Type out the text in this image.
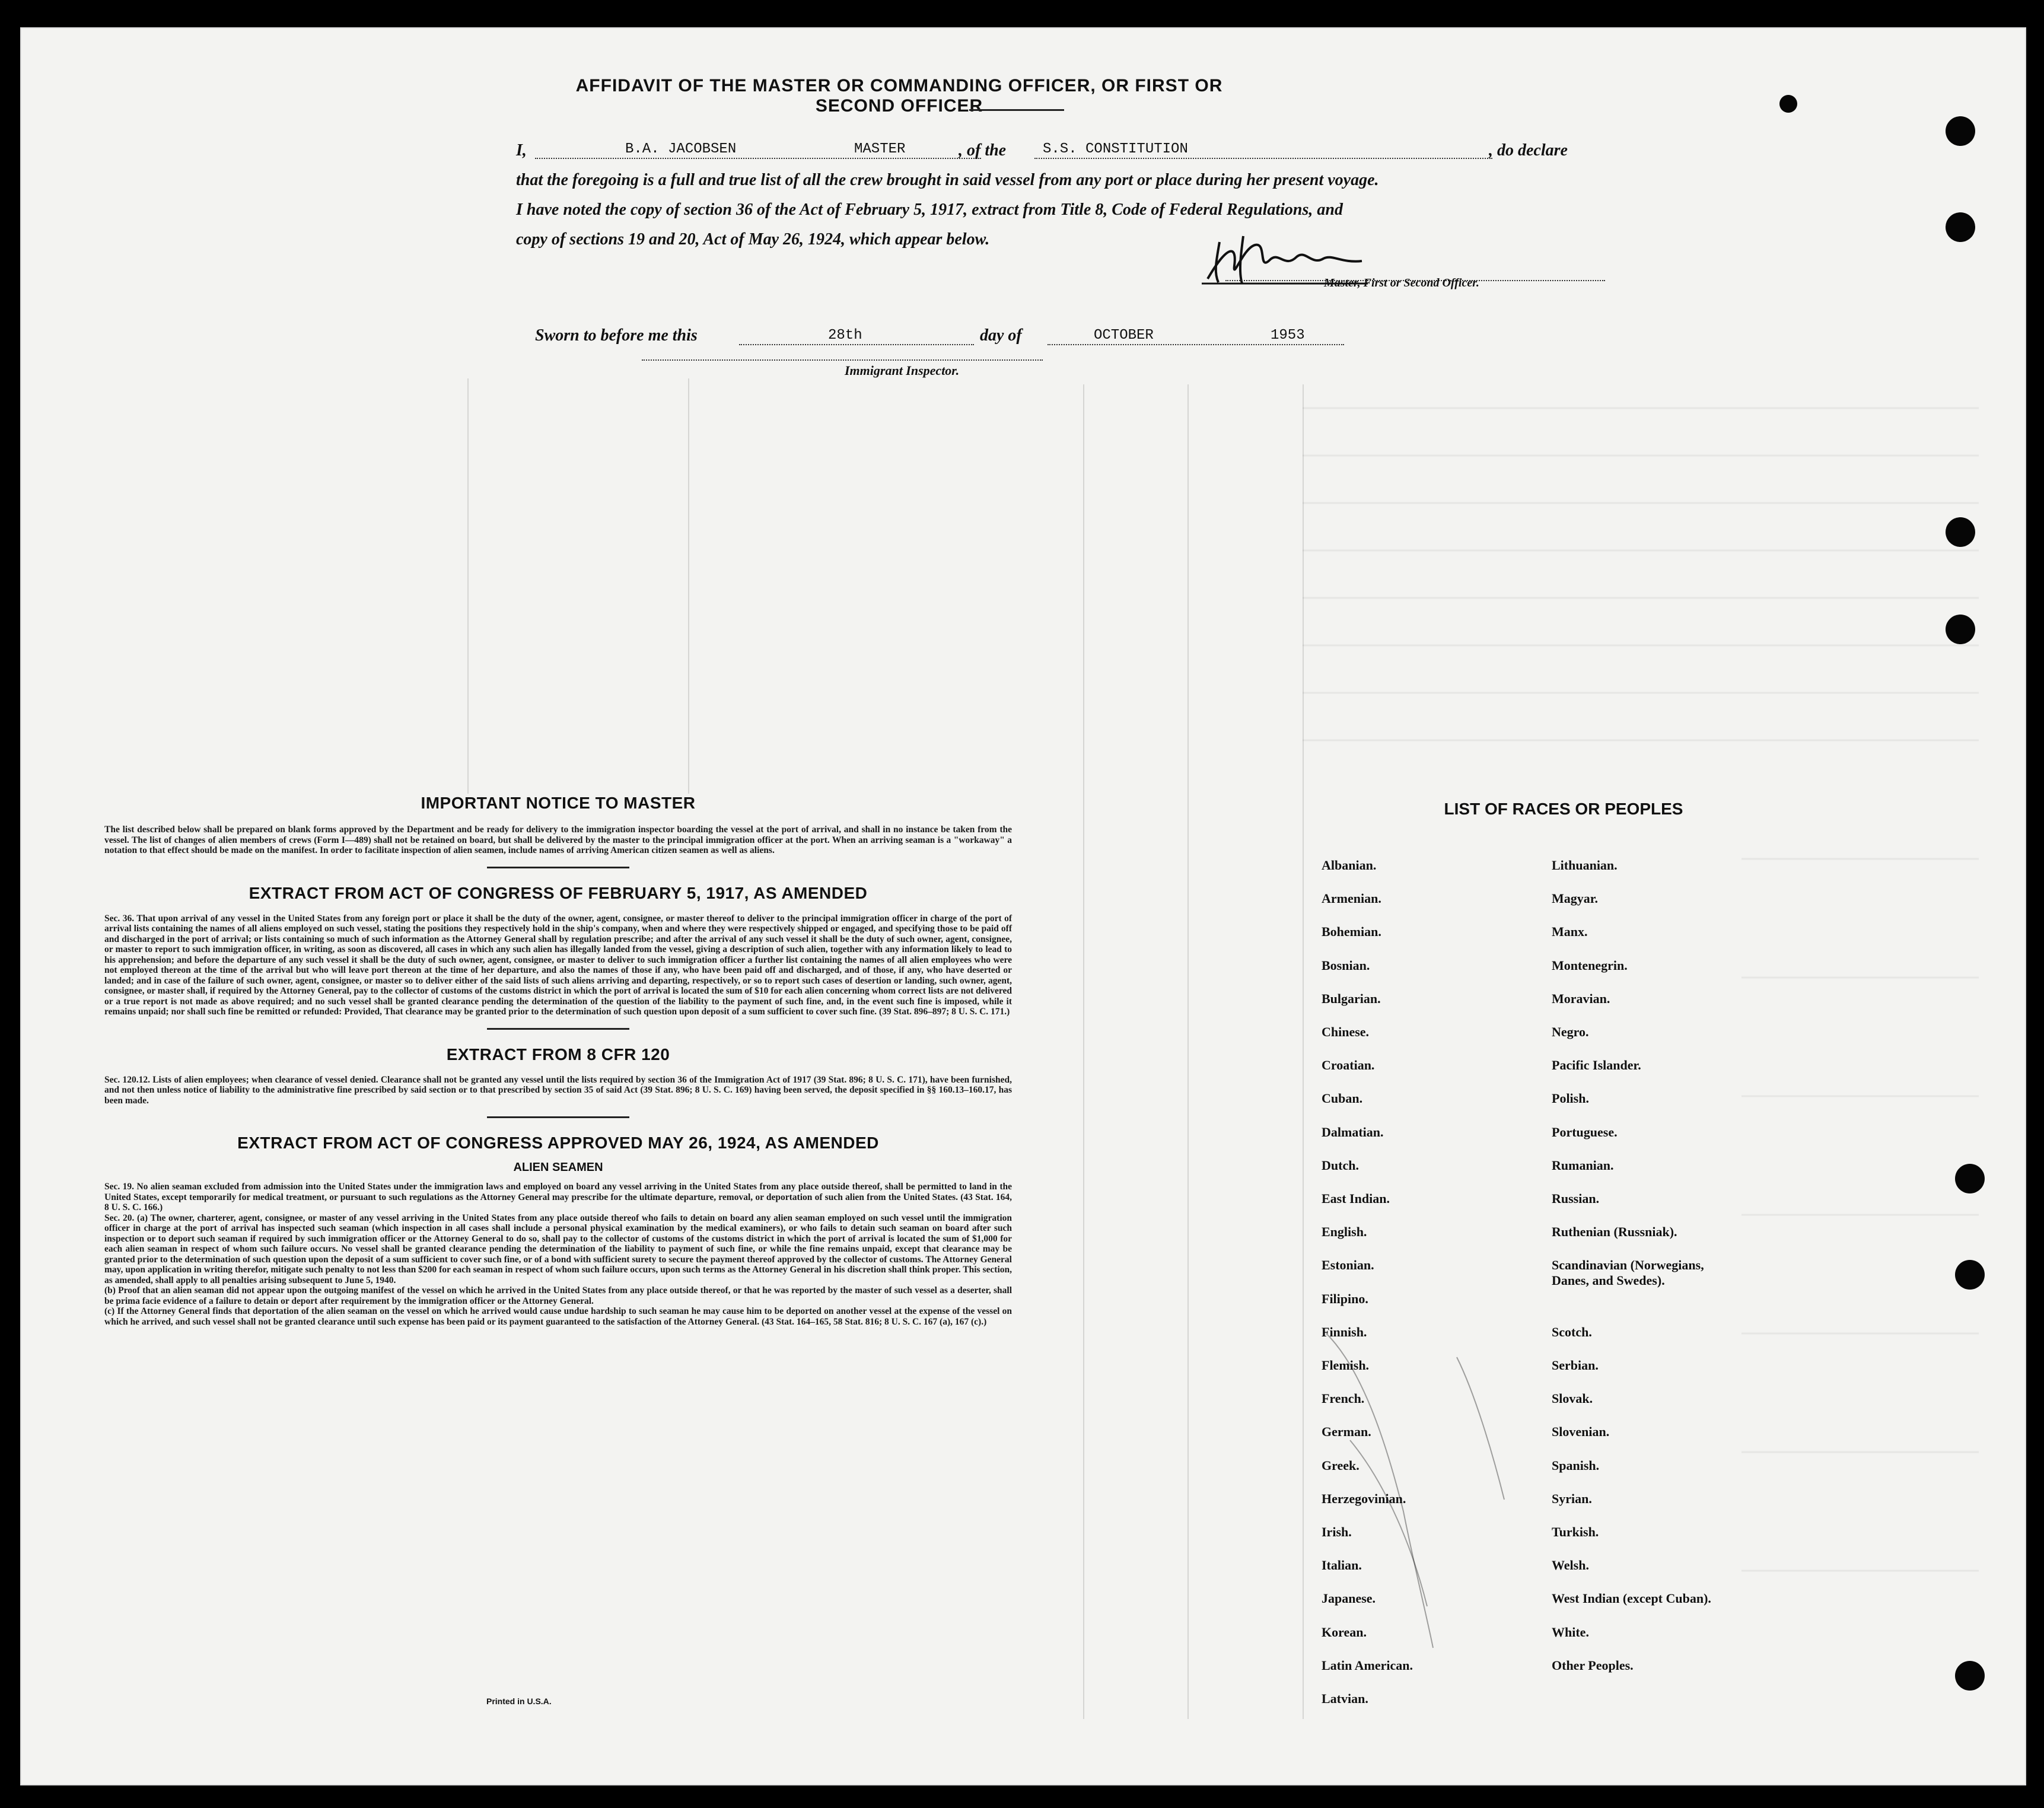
AFFIDAVIT OF THE MASTER OR COMMANDING OFFICER, OR FIRST OR SECOND OFFICER
I,	B.A. JACOBSEN	MASTER	, of the	S.S. CONSTITUTION	, do declare
that the foregoing is a full and true list of all the crew brought in said vessel from any port or place during her present voyage.
I have noted the copy of section 36 of the Act of February 5, 1917, extract from Title 8, Code of Federal Regulations, and
copy of sections 19 and 20, Act of May 26, 1924, which appear below.
Master, First or Second Officer.
Sworn to before me this	28th	day of	OCTOBER	1953
Immigrant Inspector.
IMPORTANT NOTICE TO MASTER
The list described below shall be prepared on blank forms approved by the Department and be ready for delivery to the immigration inspector boarding the vessel at the port of arrival, and shall in no instance be taken from the vessel. The list of changes of alien members of crews (Form I—489) shall not be retained on board, but shall be delivered by the master to the principal immigration officer at the port. When an arriving seaman is a "workaway" a notation to that effect should be made on the manifest. In order to facilitate inspection of alien seamen, include names of arriving American citizen seamen as well as aliens.
EXTRACT FROM ACT OF CONGRESS OF FEBRUARY 5, 1917, AS AMENDED
Sec. 36. That upon arrival of any vessel in the United States from any foreign port or place it shall be the duty of the owner, agent, consignee, or master thereof to deliver to the principal immigration officer in charge of the port of arrival lists containing the names of all aliens employed on such vessel, stating the positions they respectively hold in the ship's company, when and where they were respectively shipped or engaged, and specifying those to be paid off and discharged in the port of arrival; or lists containing so much of such information as the Attorney General shall by regulation prescribe; and after the arrival of any such vessel it shall be the duty of such owner, agent, consignee, or master to report to such immigration officer, in writing, as soon as discovered, all cases in which any such alien has illegally landed from the vessel, giving a description of such alien, together with any information likely to lead to his apprehension; and before the departure of any such vessel it shall be the duty of such owner, agent, consignee, or master to deliver to such immigration officer a further list containing the names of all alien employees who were not employed thereon at the time of the arrival but who will leave port thereon at the time of her departure, and also the names of those if any, who have been paid off and discharged, and of those, if any, who have deserted or landed; and in case of the failure of such owner, agent, consignee, or master so to deliver either of the said lists of such aliens arriving and departing, respectively, or so to report such cases of desertion or landing, such owner, agent, consignee, or master shall, if required by the Attorney General, pay to the collector of customs of the customs district in which the port of arrival is located the sum of $10 for each alien concerning whom correct lists are not delivered or a true report is not made as above required; and no such vessel shall be granted clearance pending the determination of the question of the liability to the payment of such fine, and, in the event such fine is imposed, while it remains unpaid; nor shall such fine be remitted or refunded: Provided, That clearance may be granted prior to the determination of such question upon deposit of a sum sufficient to cover such fine. (39 Stat. 896–897; 8 U. S. C. 171.)
EXTRACT FROM 8 CFR 120
Sec. 120.12. Lists of alien employees; when clearance of vessel denied. Clearance shall not be granted any vessel until the lists required by section 36 of the Immigration Act of 1917 (39 Stat. 896; 8 U. S. C. 171), have been furnished, and not then unless notice of liability to the administrative fine prescribed by said section or to that prescribed by section 35 of said Act (39 Stat. 896; 8 U. S. C. 169) having been served, the deposit specified in §§ 160.13–160.17, has been made.
EXTRACT FROM ACT OF CONGRESS APPROVED MAY 26, 1924, AS AMENDED
ALIEN SEAMEN
Sec. 19. No alien seaman excluded from admission into the United States under the immigration laws and employed on board any vessel arriving in the United States from any place outside thereof, shall be permitted to land in the United States, except temporarily for medical treatment, or pursuant to such regulations as the Attorney General may prescribe for the ultimate departure, removal, or deportation of such alien from the United States. (43 Stat. 164, 8 U. S. C. 166.)
Sec. 20. (a) The owner, charterer, agent, consignee, or master of any vessel arriving in the United States from any place outside thereof who fails to detain on board any alien seaman employed on such vessel until the immigration officer in charge at the port of arrival has inspected such seaman (which inspection in all cases shall include a personal physical examination by the medical examiners), or who fails to detain such seaman on board after such inspection or to deport such seaman if required by such immigration officer or the Attorney General to do so, shall pay to the collector of customs of the customs district in which the port of arrival is located the sum of $1,000 for each alien seaman in respect of whom such failure occurs. No vessel shall be granted clearance pending the determination of the liability to payment of such fine, or while the fine remains unpaid, except that clearance may be granted prior to the determination of such question upon the deposit of a sum sufficient to cover such fine, or of a bond with sufficient surety to secure the payment thereof approved by the collector of customs. The Attorney General may, upon application in writing therefor, mitigate such penalty to not less than $200 for each seaman in respect of whom such failure occurs, upon such terms as the Attorney General in his discretion shall think proper. This section, as amended, shall apply to all penalties arising subsequent to June 5, 1940.
(b) Proof that an alien seaman did not appear upon the outgoing manifest of the vessel on which he arrived in the United States from any place outside thereof, or that he was reported by the master of such vessel as a deserter, shall be prima facie evidence of a failure to detain or deport after requirement by the immigration officer or the Attorney General.
(c) If the Attorney General finds that deportation of the alien seaman on the vessel on which he arrived would cause undue hardship to such seaman he may cause him to be deported on another vessel at the expense of the vessel on which he arrived, and such vessel shall not be granted clearance until such expense has been paid or its payment guaranteed to the satisfaction of the Attorney General. (43 Stat. 164–165, 58 Stat. 816; 8 U. S. C. 167 (a), 167 (c).)
Printed in U.S.A.
LIST OF RACES OR PEOPLES
Albanian.
Armenian.
Bohemian.
Bosnian.
Bulgarian.
Chinese.
Croatian.
Cuban.
Dalmatian.
Dutch.
East Indian.
English.
Estonian.
Filipino.
Finnish.
Flemish.
French.
German.
Greek.
Herzegovinian.
Irish.
Italian.
Japanese.
Korean.
Latin American.
Latvian.
Lithuanian.
Magyar.
Manx.
Montenegrin.
Moravian.
Negro.
Pacific Islander.
Polish.
Portuguese.
Rumanian.
Russian.
Ruthenian (Russniak).
Scandinavian (Norwegians, Danes, and Swedes).
Scotch.
Serbian.
Slovak.
Slovenian.
Spanish.
Syrian.
Turkish.
Welsh.
West Indian (except Cuban).
White.
Other Peoples.
